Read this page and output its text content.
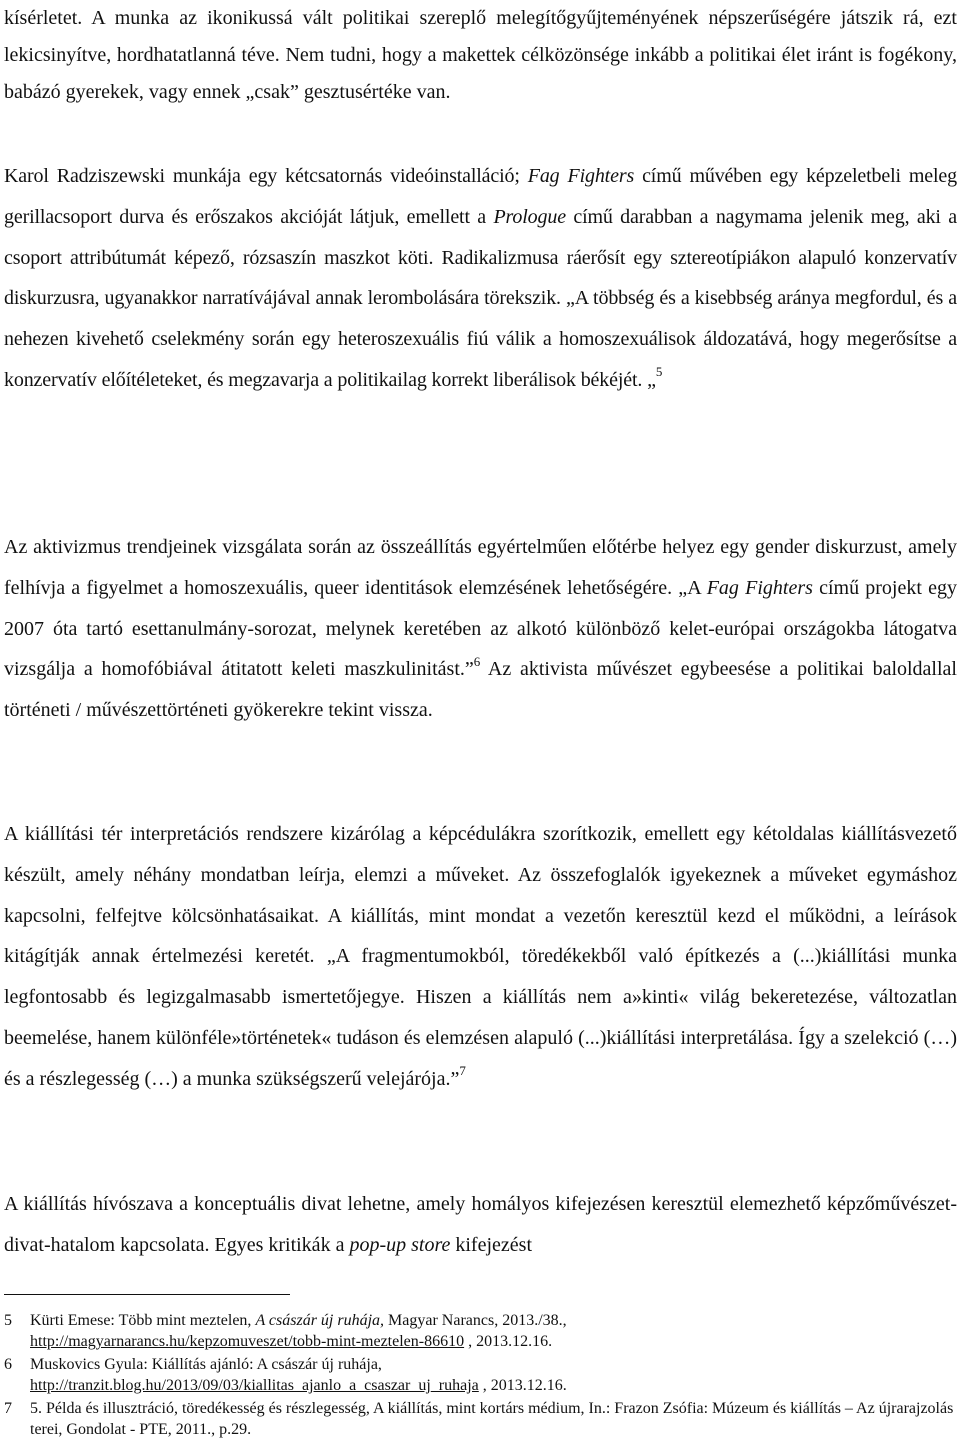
kísérletet. A munka az ikonikussá vált politikai szereplő melegítőgyűjteményének népszerűségére játszik rá, ezt lekicsinyítve, hordhatatlanná téve. Nem tudni, hogy a makettek célközönsége inkább a politikai élet iránt is fogékony, babázó gyerekek, vagy ennek „csak” gesztusértéke van.

Karol Radziszewski munkája egy kétcsatornás videóinstalláció; Fag Fighters című művében egy képzeletbeli meleg gerillacsoport durva és erőszakos akcióját látjuk, emellett a Prologue című darabban a nagymama jelenik meg, aki a csoport attribútumát képező, rózsaszín maszkot köti. Radikalizmusa ráerősít egy sztereotípiákon alapuló konzervatív diskurzusra, ugyanakkor narratívájával annak lerombolására törekszik. „A többség és a kisebbség aránya megfordul, és a nehezen kivehető cselekmény során egy heteroszexuális fiú válik a homoszexuálisok áldozatává, hogy megerősítse a konzervatív előítéleteket, és megzavarja a politikailag korrekt liberálisok békéjét. „$^5$

Az aktivizmus trendjeinek vizsgálata során az összeállítás egyértelműen előtérbe helyez egy gender diskurzust, amely felhívja a figyelmet a homoszexuális, queer identitások elemzésének lehetőségére. „A Fag Fighters című projekt egy 2007 óta tartó esettanulmány-sorozat, melynek keretében az alkotó különböző kelet-európai országokba látogatva vizsgálja a homofóbiával átitatott keleti maszkulinitást.”$^6$ Az aktivista művészet egybeesése a politikai baloldallal történeti / művészettörténeti gyökerekre tekint vissza.

A kiállítási tér interpretációs rendszere kizárólag a képcédulákra szorítkozik, emellett egy kétoldalas kiállításvezető készült, amely néhány mondatban leírja, elemzi a műveket. Az összefoglalók igyekeznek a műveket egymáshoz kapcsolni, felfejtve kölcsönhatásaikat. A kiállítás, mint mondat a vezetőn keresztül kezd el működni, a leírások kitágítják annak értelmezési keretét. „A fragmentumokból, töredékekből való építkezés a (...)kiállítási munka legfontosabb és legizgalmasabb ismertetőjegye. Hiszen a kiállítás nem a»kinti« világ bekeretezése, változatlan beemelése, hanem különféle»történetek« tudáson és elemzésen alapuló (...)kiállítási interpretálása. Így a szelekció (…) és a részlegesség (…) a munka szükségszerű velejárója.”$^7$

A kiállítás hívószava a konceptuális divat lehetne, amely homályos kifejezésen keresztül elemezhető képzőművészet-divat-hatalom kapcsolata. Egyes kritikák a pop-up store kifejezést

5 Kürti Emese: Több mint meztelen, A császár új ruhája, Magyar Narancs, 2013./38.,
http://magyarnarancs.hu/kepzomuveszet/tobb-mint-meztelen-86610 , 2013.12.16.
6 Muskovics Gyula: Kiállítás ajánló: A császár új ruhája,
http://tranzit.blog.hu/2013/09/03/kiallitas_ajanlo_a_csaszar_uj_ruhaja , 2013.12.16.
7 5. Példa és illusztráció, töredékesség és részlegesség, A kiállítás, mint kortárs médium, In.: Frazon Zsófia: Múzeum és kiállítás – Az újrarajzolás terei, Gondolat - PTE, 2011., p.29.
